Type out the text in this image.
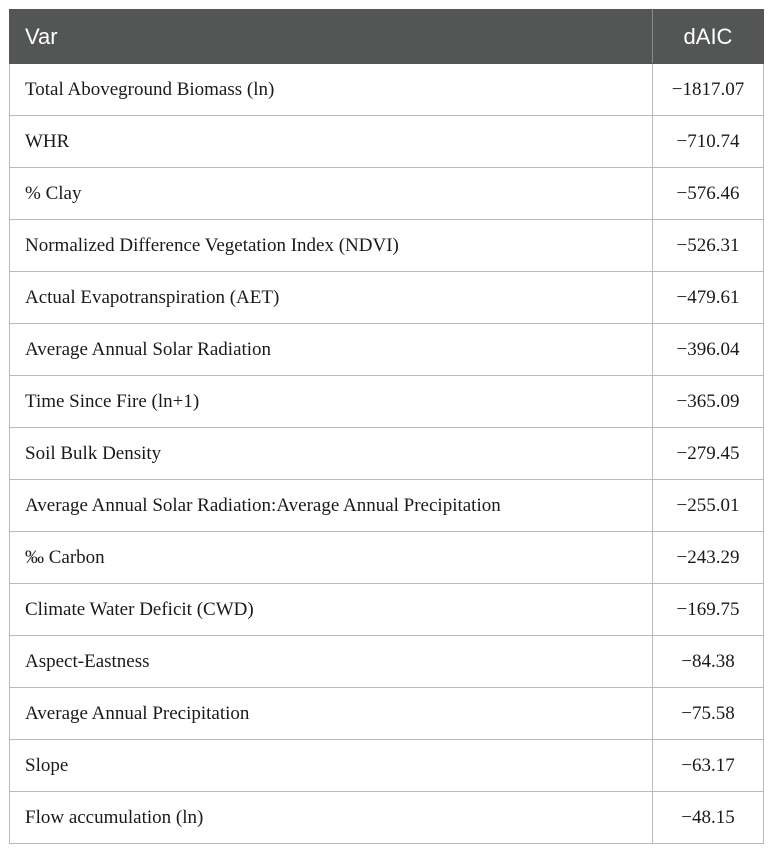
Var	dAIC
Total Aboveground Biomass (ln)	−1817.07
WHR	−710.74
% Clay	−576.46
Normalized Difference Vegetation Index (NDVI)	−526.31
Actual Evapotranspiration (AET)	−479.61
Average Annual Solar Radiation	−396.04
Time Since Fire (ln+1)	−365.09
Soil Bulk Density	−279.45
Average Annual Solar Radiation:Average Annual Precipitation	−255.01
‰ Carbon	−243.29
Climate Water Deficit (CWD)	−169.75
Aspect-Eastness	−84.38
Average Annual Precipitation	−75.58
Slope	−63.17
Flow accumulation (ln)	−48.15
